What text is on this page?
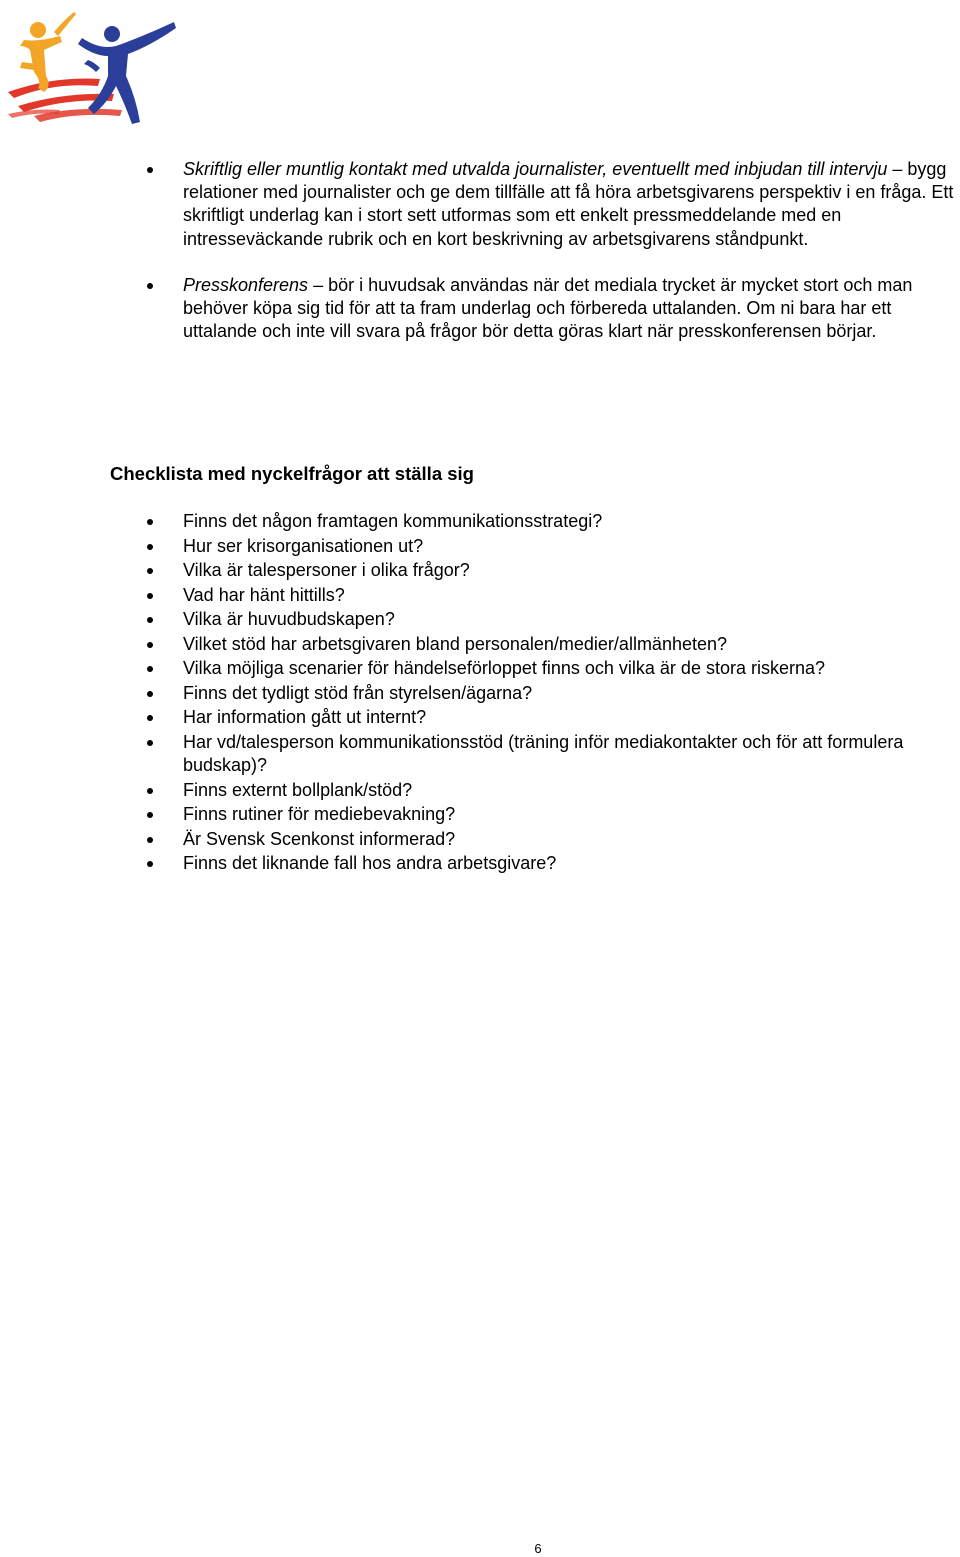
Skriftlig eller muntlig kontakt med utvalda journalister, eventuellt med inbjudan till intervju – bygg relationer med journalister och ge dem tillfälle att få höra arbetsgivarens perspektiv i en fråga. Ett skriftligt underlag kan i stort sett utformas som ett enkelt pressmeddelande med en intresseväckande rubrik och en kort beskrivning av arbetsgivarens ståndpunkt.
Presskonferens – bör i huvudsak användas när det mediala trycket är mycket stort och man behöver köpa sig tid för att ta fram underlag och förbereda uttalanden. Om ni bara har ett uttalande och inte vill svara på frågor bör detta göras klart när presskonferensen börjar.
Checklista med nyckelfrågor att ställa sig
Finns det någon framtagen kommunikationsstrategi?
Hur ser krisorganisationen ut?
Vilka är talespersoner i olika frågor?
Vad har hänt hittills?
Vilka är huvudbudskapen?
Vilket stöd har arbetsgivaren bland personalen/medier/allmänheten?
Vilka möjliga scenarier för händelseförloppet finns och vilka är de stora riskerna?
Finns det tydligt stöd från styrelsen/ägarna?
Har information gått ut internt?
Har vd/talesperson kommunikationsstöd (träning inför mediakontakter och för att formulera budskap)?
Finns externt bollplank/stöd?
Finns rutiner för mediebevakning?
Är Svensk Scenkonst informerad?
Finns det liknande fall hos andra arbetsgivare?
6
